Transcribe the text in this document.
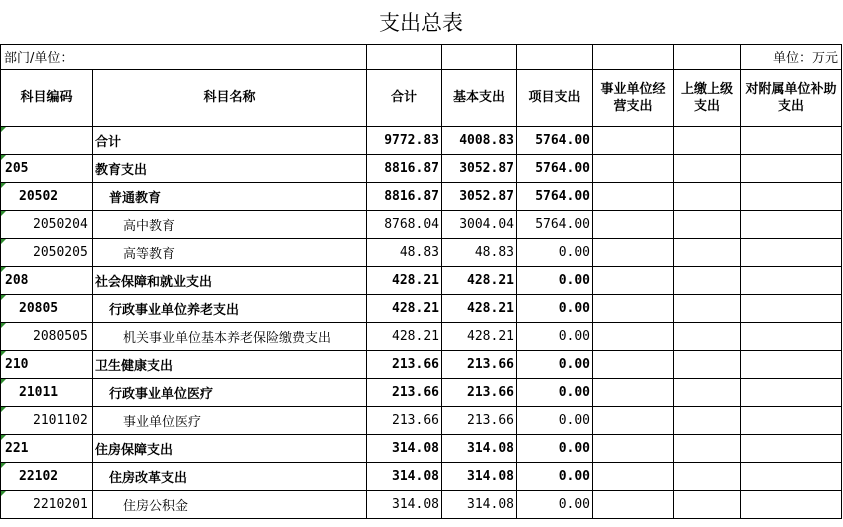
支出总表							
部门/单位：							单位：万元
科目编码	科目名称	合计	基本支出	项目支出	事业单位经营支出	上缴上级支出	对附属单位补助支出

	合计	9772.83	4008.83	5764.00			

205	教育支出	8816.87	3052.87	5764.00			

20502	普通教育	8816.87	3052.87	5764.00			

2050204	高中教育	8768.04	3004.04	5764.00			

2050205	高等教育	48.83	48.83	0.00			

208	社会保障和就业支出	428.21	428.21	0.00			

20805	行政事业单位养老支出	428.21	428.21	0.00			

2080505	机关事业单位基本养老保险缴费支出	428.21	428.21	0.00			

210	卫生健康支出	213.66	213.66	0.00			

21011	行政事业单位医疗	213.66	213.66	0.00			

2101102	事业单位医疗	213.66	213.66	0.00			

221	住房保障支出	314.08	314.08	0.00			

22102	住房改革支出	314.08	314.08	0.00			

2210201	住房公积金	314.08	314.08	0.00			
